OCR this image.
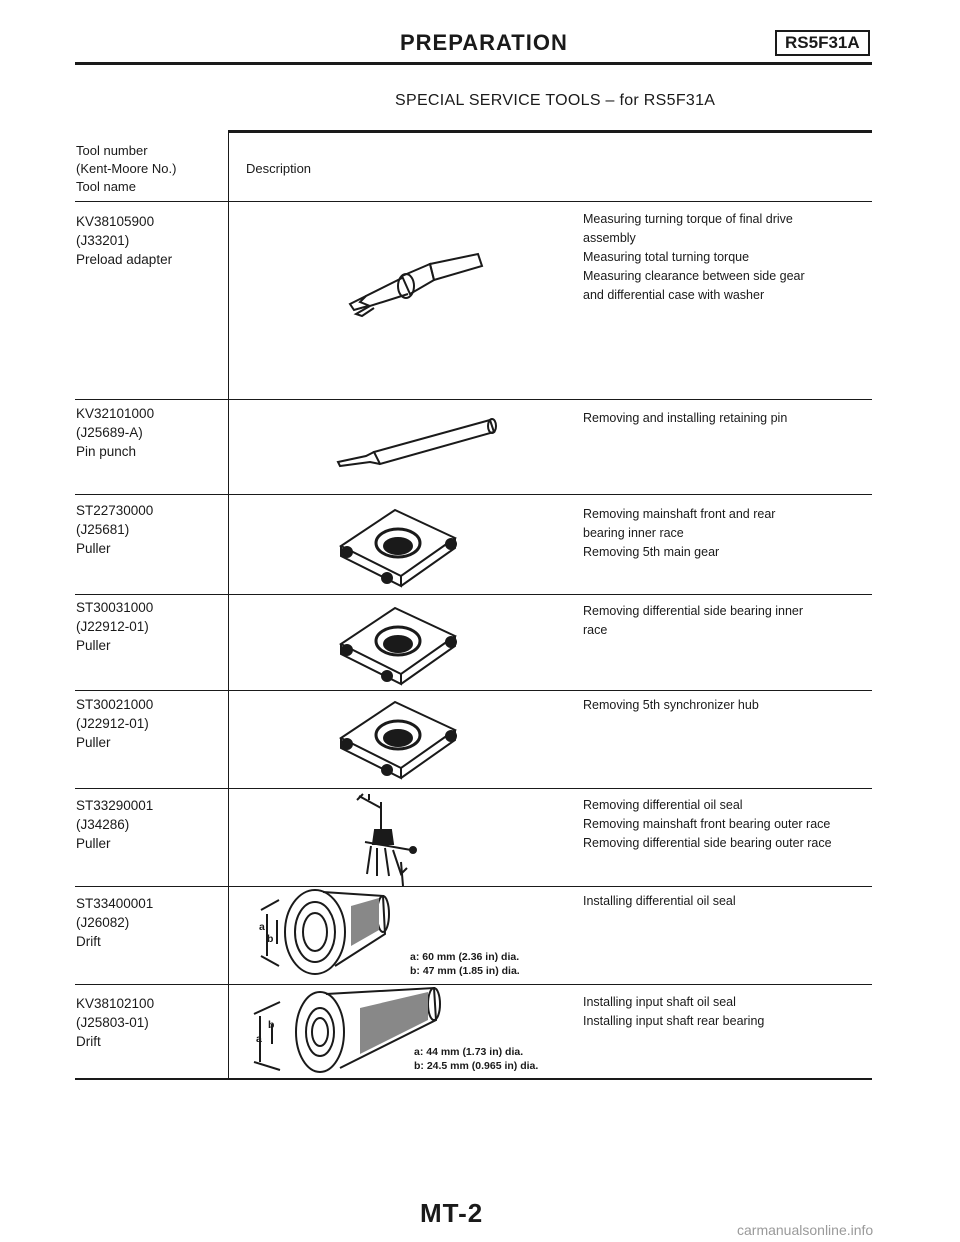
PREPARATION	RS5F31A
SPECIAL SERVICE TOOLS – for RS5F31A
Tool number
(Kent-Moore No.)
Tool name
Description
KV38105900
(J33201)
Preload adapter
Measuring turning torque of final drive
assembly
Measuring total turning torque
Measuring clearance between side gear
and differential case with washer
KV32101000
(J25689-A)
Pin punch
Removing and installing retaining pin
ST22730000
(J25681)
Puller
Removing mainshaft front and rear
bearing inner race
Removing 5th main gear
ST30031000
(J22912-01)
Puller
Removing differential side bearing inner
race
ST30021000
(J22912-01)
Puller
Removing 5th synchronizer hub
ST33290001
(J34286)
Puller
Removing differential oil seal
Removing mainshaft front bearing outer race
Removing differential side bearing outer race
ST33400001
(J26082)
Drift
a
b
a: 60 mm (2.36 in) dia.
b: 47 mm (1.85 in) dia.
Installing differential oil seal
KV38102100
(J25803-01)
Drift	a
b
a: 44 mm (1.73 in) dia.
b: 24.5 mm (0.965 in) dia.
Installing input shaft oil seal
Installing input shaft rear bearing
MT-2
carmanualsonline.info
